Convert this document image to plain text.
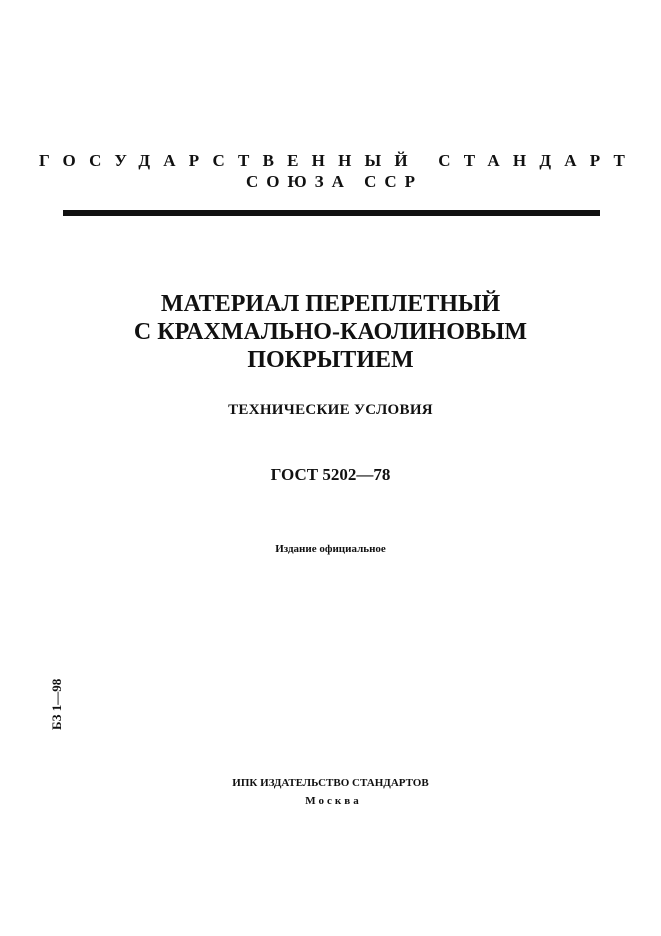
ГОСУДАРСТВЕННЫЙ СТАНДАРТ
СОЮЗА ССР
МАТЕРИАЛ ПЕРЕПЛЕТНЫЙ
С КРАХМАЛЬНО-КАОЛИНОВЫМ
ПОКРЫТИЕМ
ТЕХНИЧЕСКИЕ УСЛОВИЯ
ГОСТ 5202—78
Издание официальное
БЗ 1—98
ИПК ИЗДАТЕЛЬСТВО СТАНДАРТОВ
Москва
